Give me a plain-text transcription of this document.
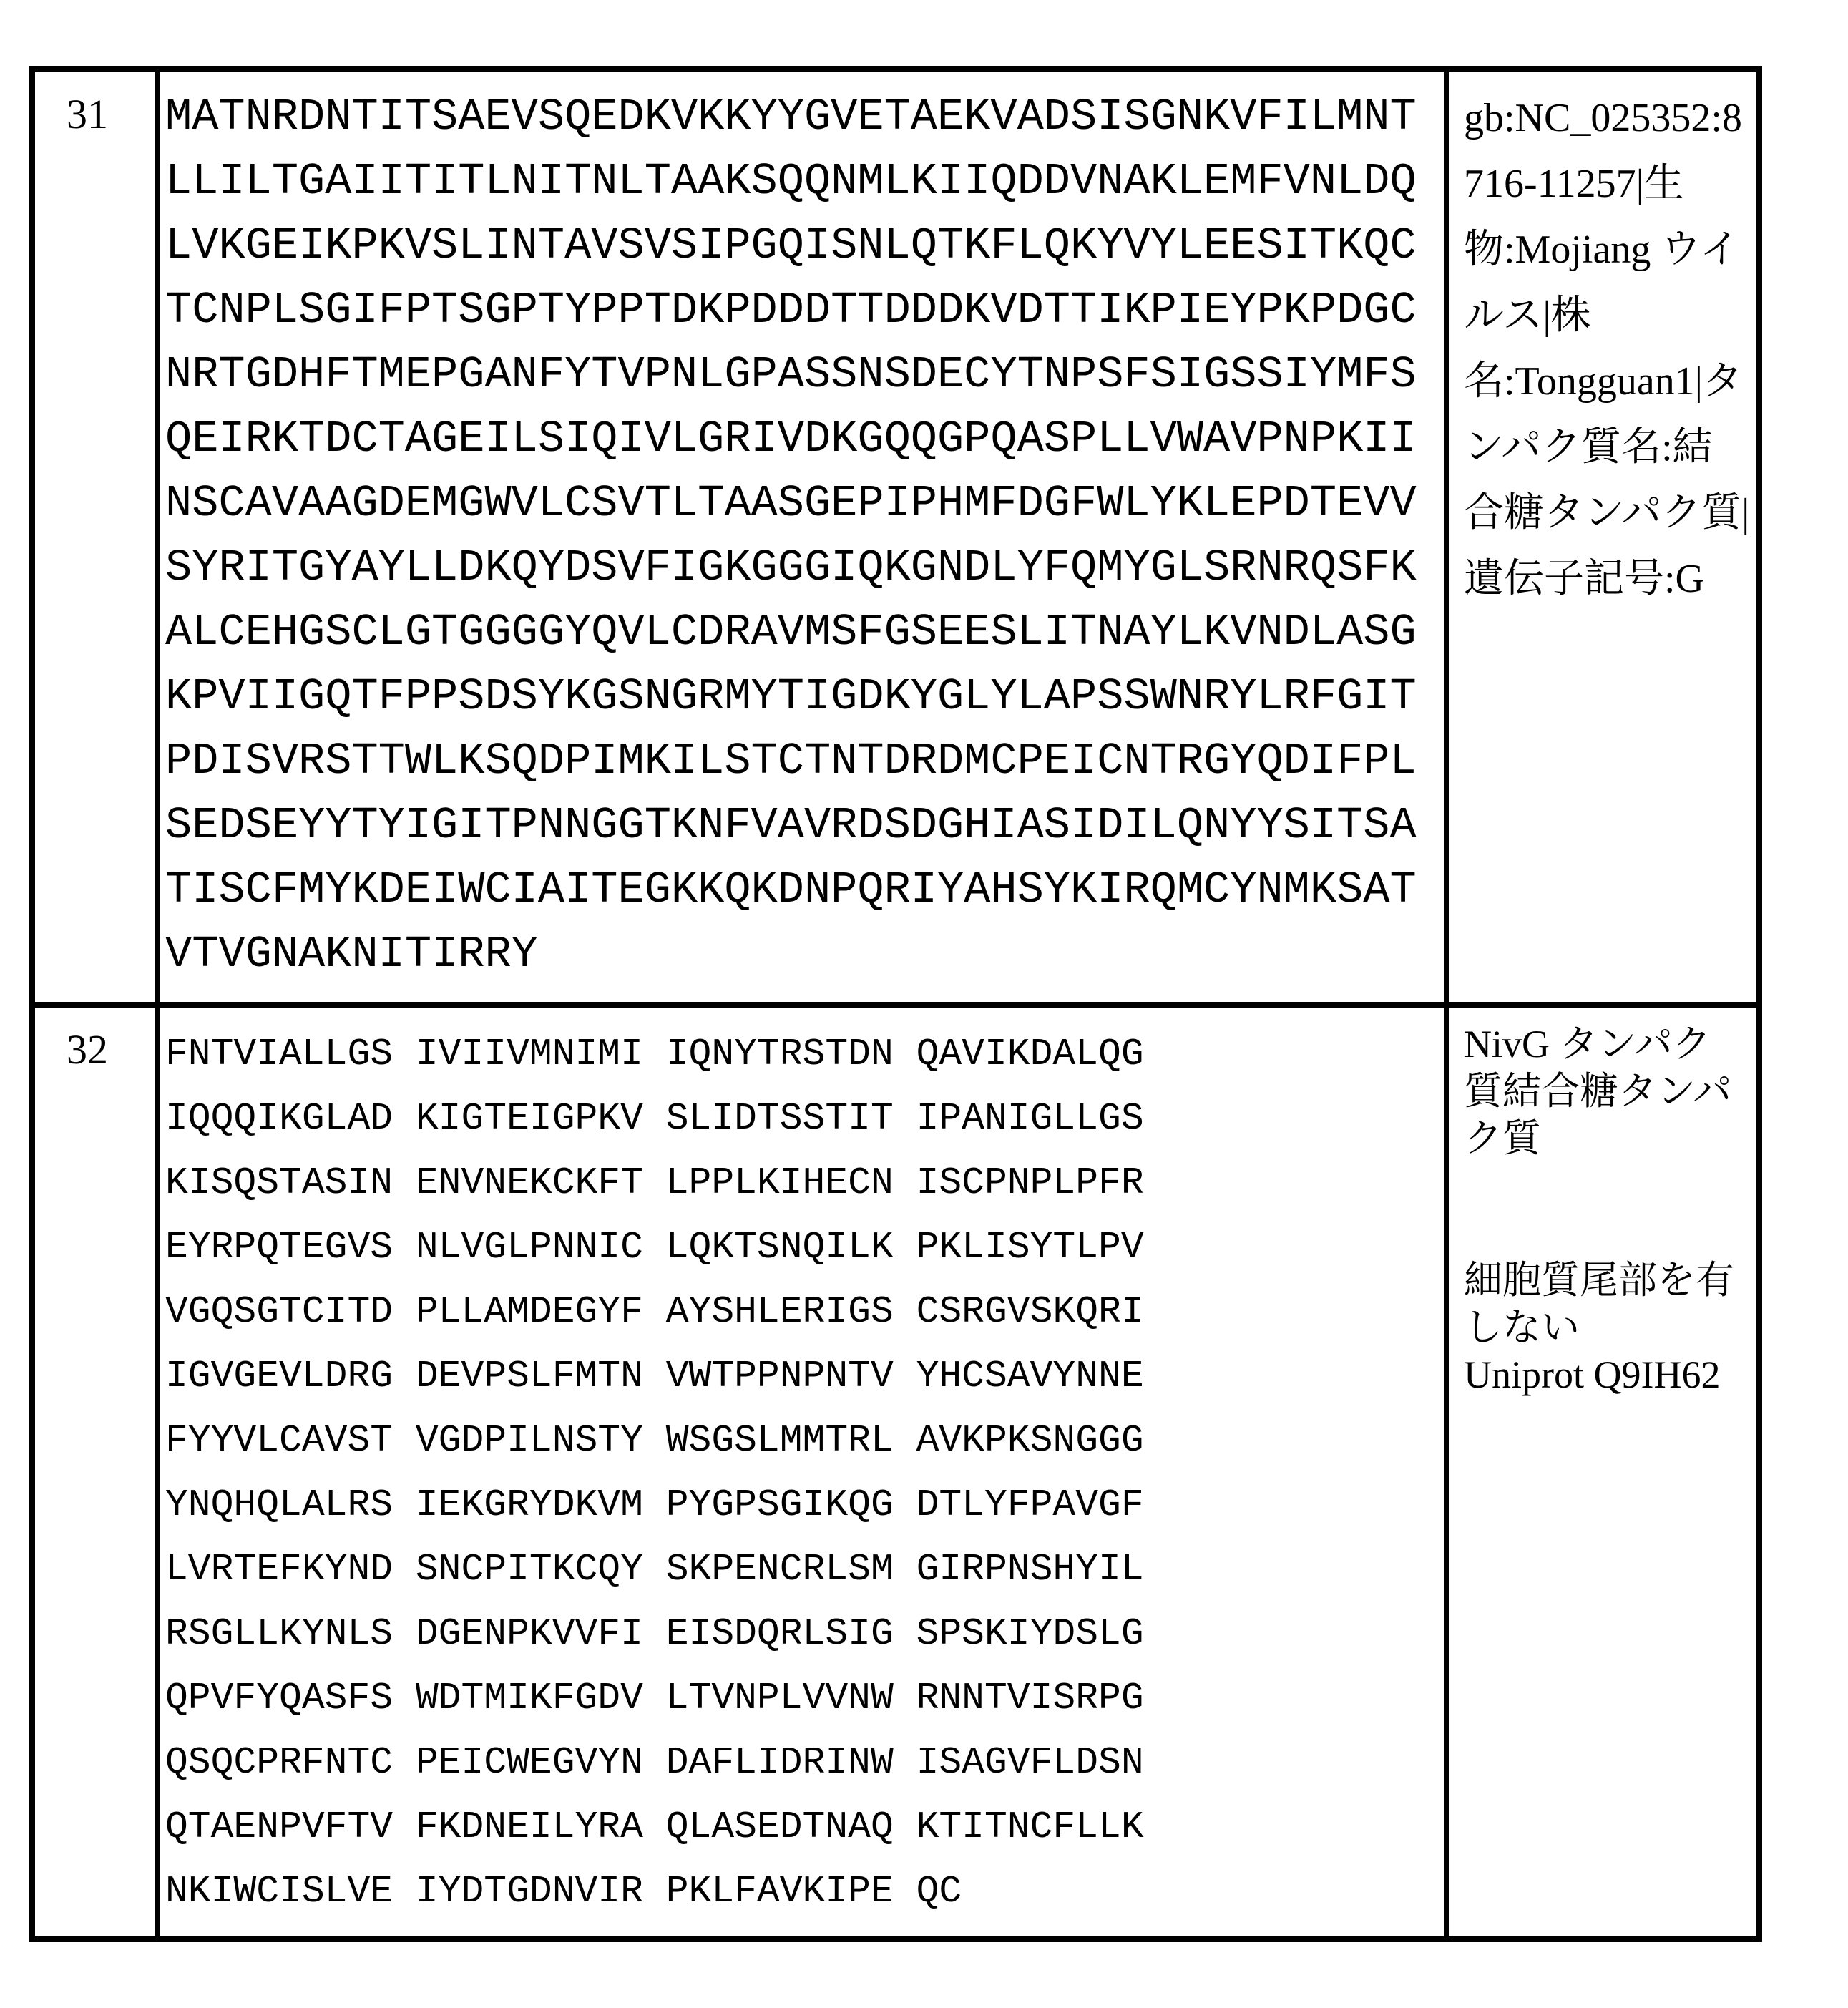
31	MATNRDNTITSAEVSQEDKVKKYYGVETAEKVADSISGNKVFILMNT
LLILTGAIITITLNITNLTAAKSQQNMLKIIQDDVNAKLEMFVNLDQ
LVKGEIKPKVSLINTAVSVSIPGQISNLQTKFLQKYVYLEESITKQC
TCNPLSGIFPTSGPTYPPTDKPDDDTTDDDKVDTTIKPIEYPKPDGC
NRTGDHFTMEPGANFYTVPNLGPASSNSDECYTNPSFSIGSSIYMFS
QEIRKTDCTAGEILSIQIVLGRIVDKGQQGPQASPLLVWAVPNPKII
NSCAVAAGDEMGWVLCSVTLTAASGEPIPHMFDGFWLYKLEPDTEVV
SYRITGYAYLLDKQYDSVFIGKGGGIQKGNDLYFQMYGLSRNRQSFK
ALCEHGSCLGTGGGGYQVLCDRAVMSFGSEESLITNAYLKVNDLASG
KPVIIGQTFPPSDSYKGSNGRMYTIGDKYGLYLAPSSWNRYLRFGIT
PDISVRSTTWLKSQDPIMKILSTCTNTDRDMCPEICNTRGYQDIFPL
SEDSEYYTYIGITPNNGGTKNFVAVRDSDGHIASIDILQNYYSITSA
TISCFMYKDEIWCIAITEGKKQKDNPQRIYAHSYKIRQMCYNMKSAT
VTVGNAKNITIRRY
gb:NC_025352:8
716-11257|生
物:Mojiang ウイ
ルス|株
名:Tongguan1|タ
ンパク質名:結
合糖タンパク質|
遺伝子記号:G
32	FNTVIALLGS IVIIVMNIMI IQNYTRSTDN QAVIKDALQG
IQQQIKGLAD KIGTEIGPKV SLIDTSSTIT IPANIGLLGS
KISQSTASIN ENVNEKCKFT LPPLKIHECN ISCPNPLPFR
EYRPQTEGVS NLVGLPNNIC LQKTSNQILK PKLISYTLPV
VGQSGTCITD PLLAMDEGYF AYSHLERIGS CSRGVSKQRI
IGVGEVLDRG DEVPSLFMTN VWTPPNPNTV YHCSAVYNNE
FYYVLCAVST VGDPILNSTY WSGSLMMTRL AVKPKSNGGG
YNQHQLALRS IEKGRYDKVM PYGPSGIKQG DTLYFPAVGF
LVRTEFKYND SNCPITKCQY SKPENCRLSM GIRPNSHYIL
RSGLLKYNLS DGENPKVVFI EISDQRLSIG SPSKIYDSLG
QPVFYQASFS WDTMIKFGDV LTVNPLVVNW RNNTVISRPG
QSQCPRFNTC PEICWEGVYN DAFLIDRINW ISAGVFLDSN
QTAENPVFTV FKDNEILYRA QLASEDTNAQ KTITNCFLLK
NKIWCISLVE IYDTGDNVIR PKLFAVKIPE QC
NivG タンパク
質結合糖タンパ
ク質

細胞質尾部を有
しない
Uniprot Q9IH62
